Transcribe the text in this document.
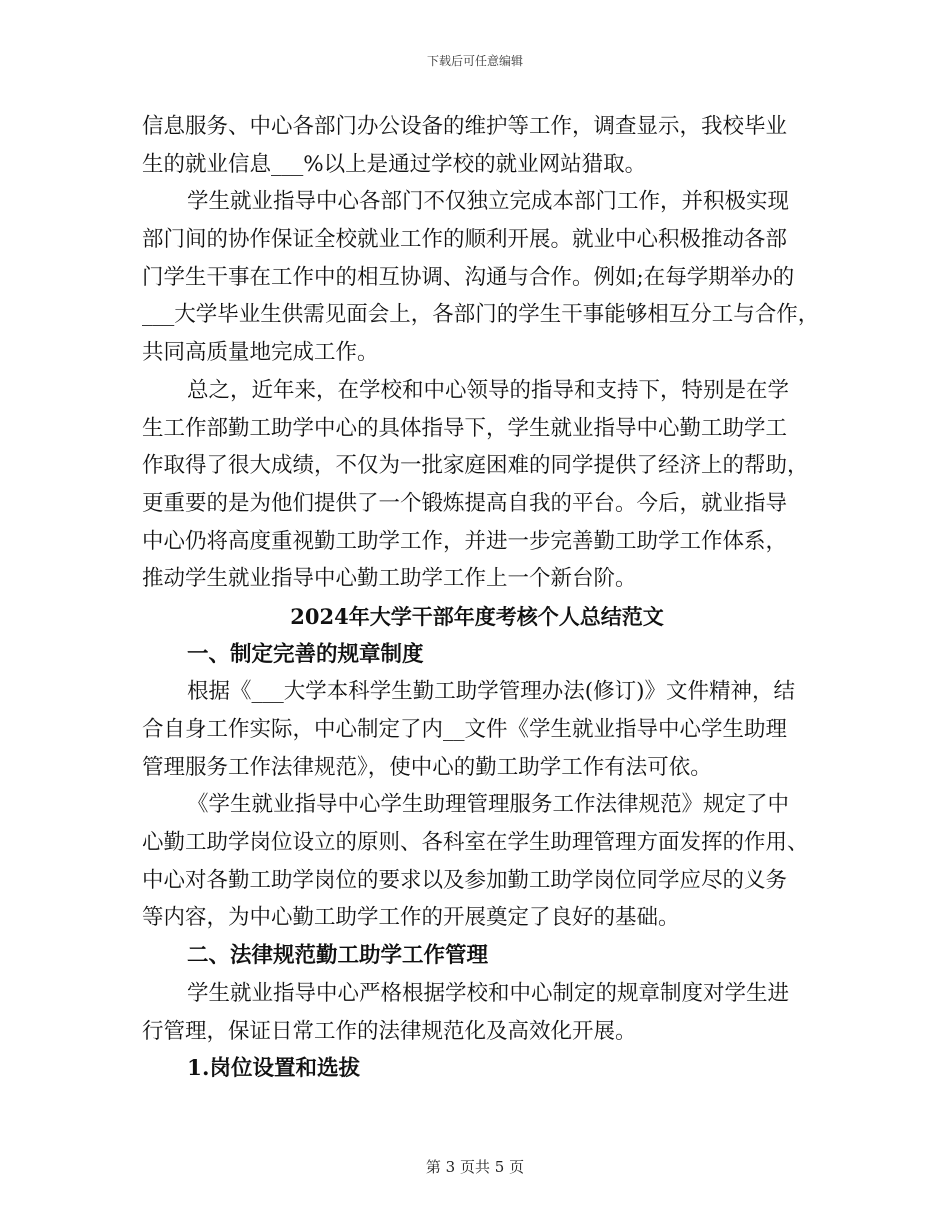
下载后可任意编辑
信息服务、中心各部门办公设备的维护等工作，调查显示，我校毕业
生的就业信息___%以上是通过学校的就业网站猎取。
学生就业指导中心各部门不仅独立完成本部门工作，并积极实现
部门间的协作保证全校就业工作的顺利开展。就业中心积极推动各部
门学生干事在工作中的相互协调、沟通与合作。例如;在每学期举办的
___大学毕业生供需见面会上，各部门的学生干事能够相互分工与合作，
共同高质量地完成工作。
总之，近年来，在学校和中心领导的指导和支持下，特别是在学
生工作部勤工助学中心的具体指导下，学生就业指导中心勤工助学工
作取得了很大成绩，不仅为一批家庭困难的同学提供了经济上的帮助，
更重要的是为他们提供了一个锻炼提高自我的平台。今后，就业指导
中心仍将高度重视勤工助学工作，并进一步完善勤工助学工作体系，
推动学生就业指导中心勤工助学工作上一个新台阶。
2024年大学干部年度考核个人总结范文
一、制定完善的规章制度
根据《___大学本科学生勤工助学管理办法(修订)》文件精神，结
合自身工作实际，中心制定了内__文件《学生就业指导中心学生助理
管理服务工作法律规范》，使中心的勤工助学工作有法可依。
《学生就业指导中心学生助理管理服务工作法律规范》规定了中
心勤工助学岗位设立的原则、各科室在学生助理管理方面发挥的作用、
中心对各勤工助学岗位的要求以及参加勤工助学岗位同学应尽的义务
等内容，为中心勤工助学工作的开展奠定了良好的基础。
二、法律规范勤工助学工作管理
学生就业指导中心严格根据学校和中心制定的规章制度对学生进
行管理，保证日常工作的法律规范化及高效化开展。
1.岗位设置和选拔
第 3 页共 5 页
